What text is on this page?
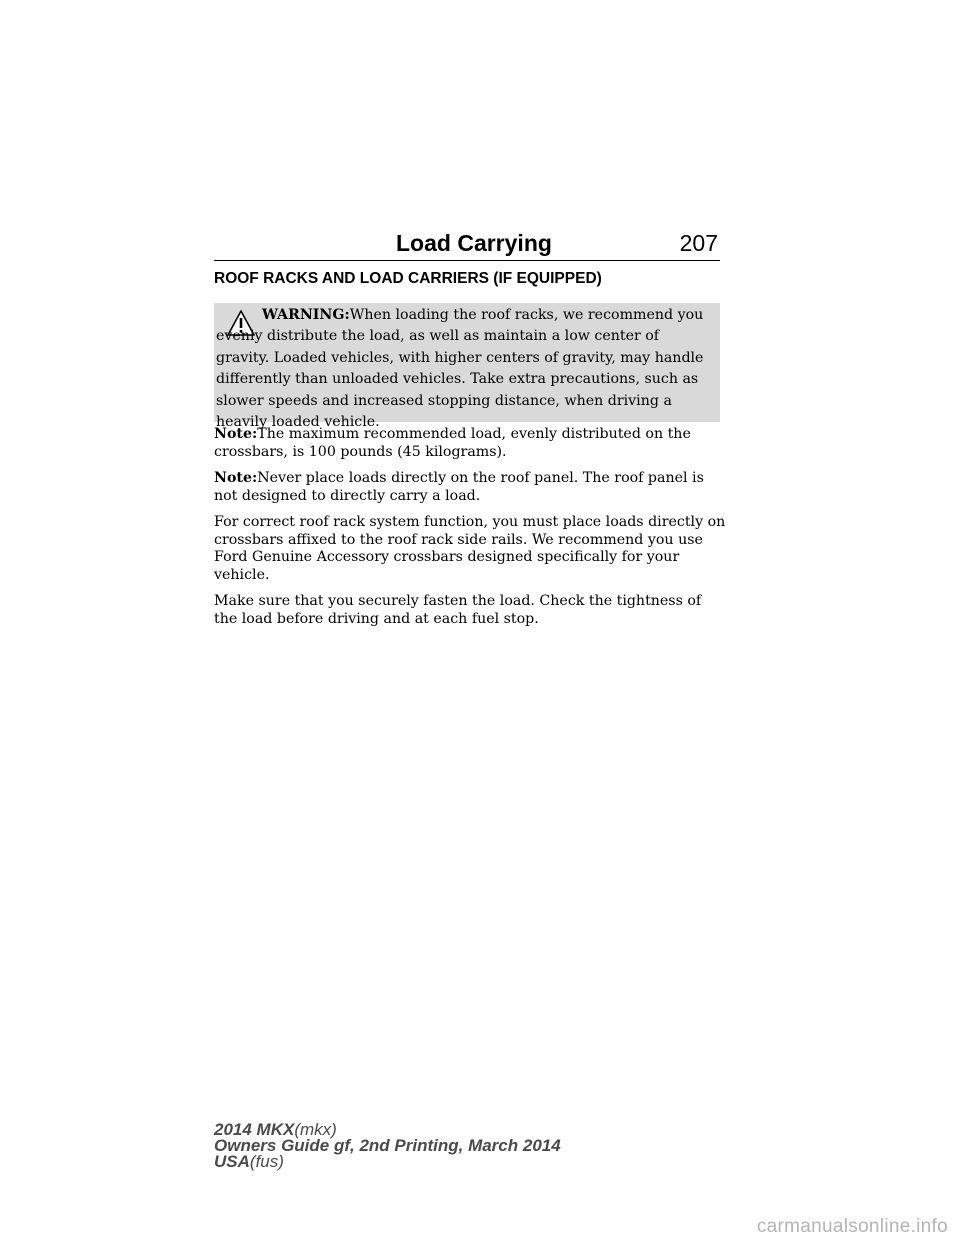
Load Carrying	207
ROOF RACKS AND LOAD CARRIERS (IF EQUIPPED)
WARNING:When loading the roof racks, we recommend you evenly distribute the load, as well as maintain a low center of gravity. Loaded vehicles, with higher centers of gravity, may handle differently than unloaded vehicles. Take extra precautions, such as slower speeds and increased stopping distance, when driving a heavily loaded vehicle.

Note:The maximum recommended load, evenly distributed on the crossbars, is 100 pounds (45 kilograms).

Note:Never place loads directly on the roof panel. The roof panel is not designed to directly carry a load.

For correct roof rack system function, you must place loads directly on crossbars affixed to the roof rack side rails. We recommend you use Ford Genuine Accessory crossbars designed specifically for your vehicle.

Make sure that you securely fasten the load. Check the tightness of the load before driving and at each fuel stop.

2014 MKX(mkx)
Owners Guide gf, 2nd Printing, March 2014
USA(fus)
carmanualsonline.info
